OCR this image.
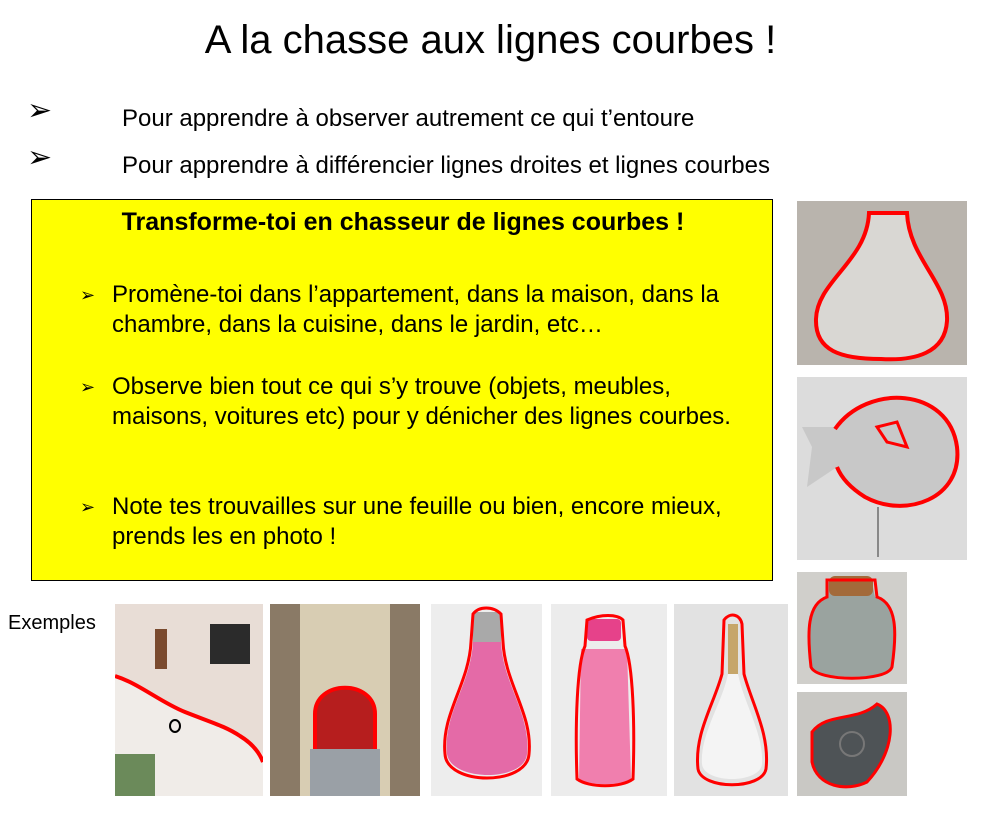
A la chasse aux lignes courbes !
➢	Pour apprendre à observer autrement ce qui t’entoure
➢	Pour apprendre à différencier lignes droites et lignes courbes
Transforme-toi en chasseur de lignes courbes !
➢ Promène-toi dans l’appartement, dans la maison, dans la chambre, dans la cuisine, dans le jardin, etc…
➢ Observe bien tout ce qui s’y trouve (objets, meubles, maisons, voitures etc) pour y dénicher des lignes courbes.
➢ Note tes trouvailles sur une feuille ou bien, encore mieux, prends les en photo !
Exemples
